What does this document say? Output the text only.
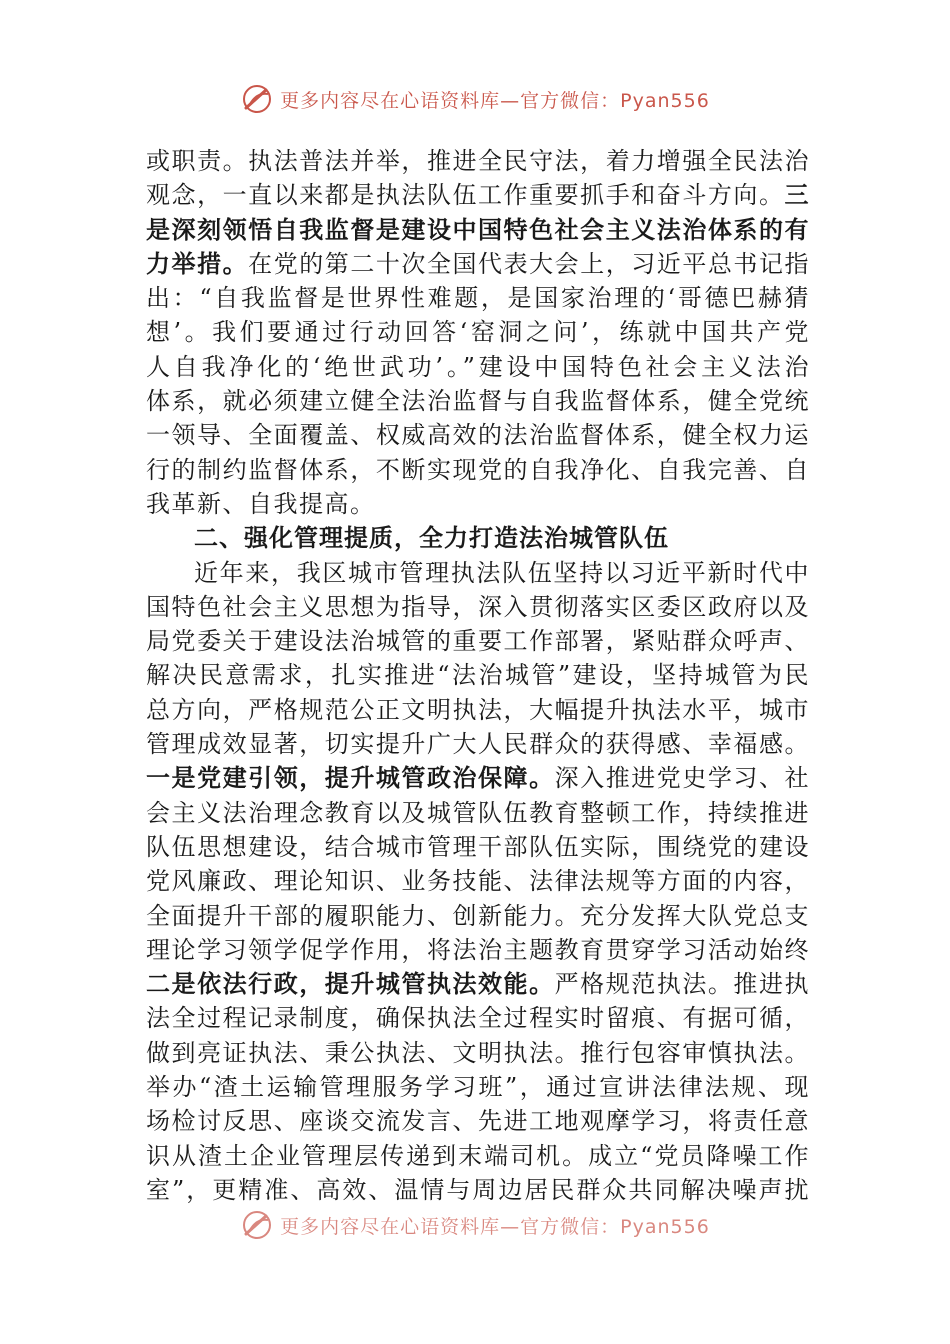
更多内容尽在心语资料库—官方微信：Pyan556
或职责。执法普法并举，推进全民守法，着力增强全民法治
观念，一直以来都是执法队伍工作重要抓手和奋斗方向。三
是深刻领悟自我监督是建设中国特色社会主义法治体系的有
力举措。在党的第二十次全国代表大会上，习近平总书记指
出：“自我监督是世界性难题，是国家治理的‘哥德巴赫猜
想’。我们要通过行动回答‘窑洞之问’，练就中国共产党
人自我净化的‘绝世武功’。”建设中国特色社会主义法治
体系，就必须建立健全法治监督与自我监督体系，健全党统
一领导、全面覆盖、权威高效的法治监督体系，健全权力运
行的制约监督体系，不断实现党的自我净化、自我完善、自
我革新、自我提高。
二、强化管理提质，全力打造法治城管队伍
近年来，我区城市管理执法队伍坚持以习近平新时代中
国特色社会主义思想为指导，深入贯彻落实区委区政府以及
局党委关于建设法治城管的重要工作部署，紧贴群众呼声、
解决民意需求，扎实推进“法治城管”建设，坚持城管为民
总方向，严格规范公正文明执法，大幅提升执法水平，城市
管理成效显著，切实提升广大人民群众的获得感、幸福感。
一是党建引领，提升城管政治保障。深入推进党史学习、社
会主义法治理念教育以及城管队伍教育整顿工作，持续推进
队伍思想建设，结合城市管理干部队伍实际，围绕党的建设
党风廉政、理论知识、业务技能、法律法规等方面的内容，
全面提升干部的履职能力、创新能力。充分发挥大队党总支
理论学习领学促学作用，将法治主题教育贯穿学习活动始终
二是依法行政，提升城管执法效能。严格规范执法。推进执
法全过程记录制度，确保执法全过程实时留痕、有据可循，
做到亮证执法、秉公执法、文明执法。推行包容审慎执法。
举办“渣土运输管理服务学习班”，通过宣讲法律法规、现
场检讨反思、座谈交流发言、先进工地观摩学习，将责任意
识从渣土企业管理层传递到末端司机。成立“党员降噪工作
室”，更精准、高效、温情与周边居民群众共同解决噪声扰
更多内容尽在心语资料库—官方微信：Pyan556
